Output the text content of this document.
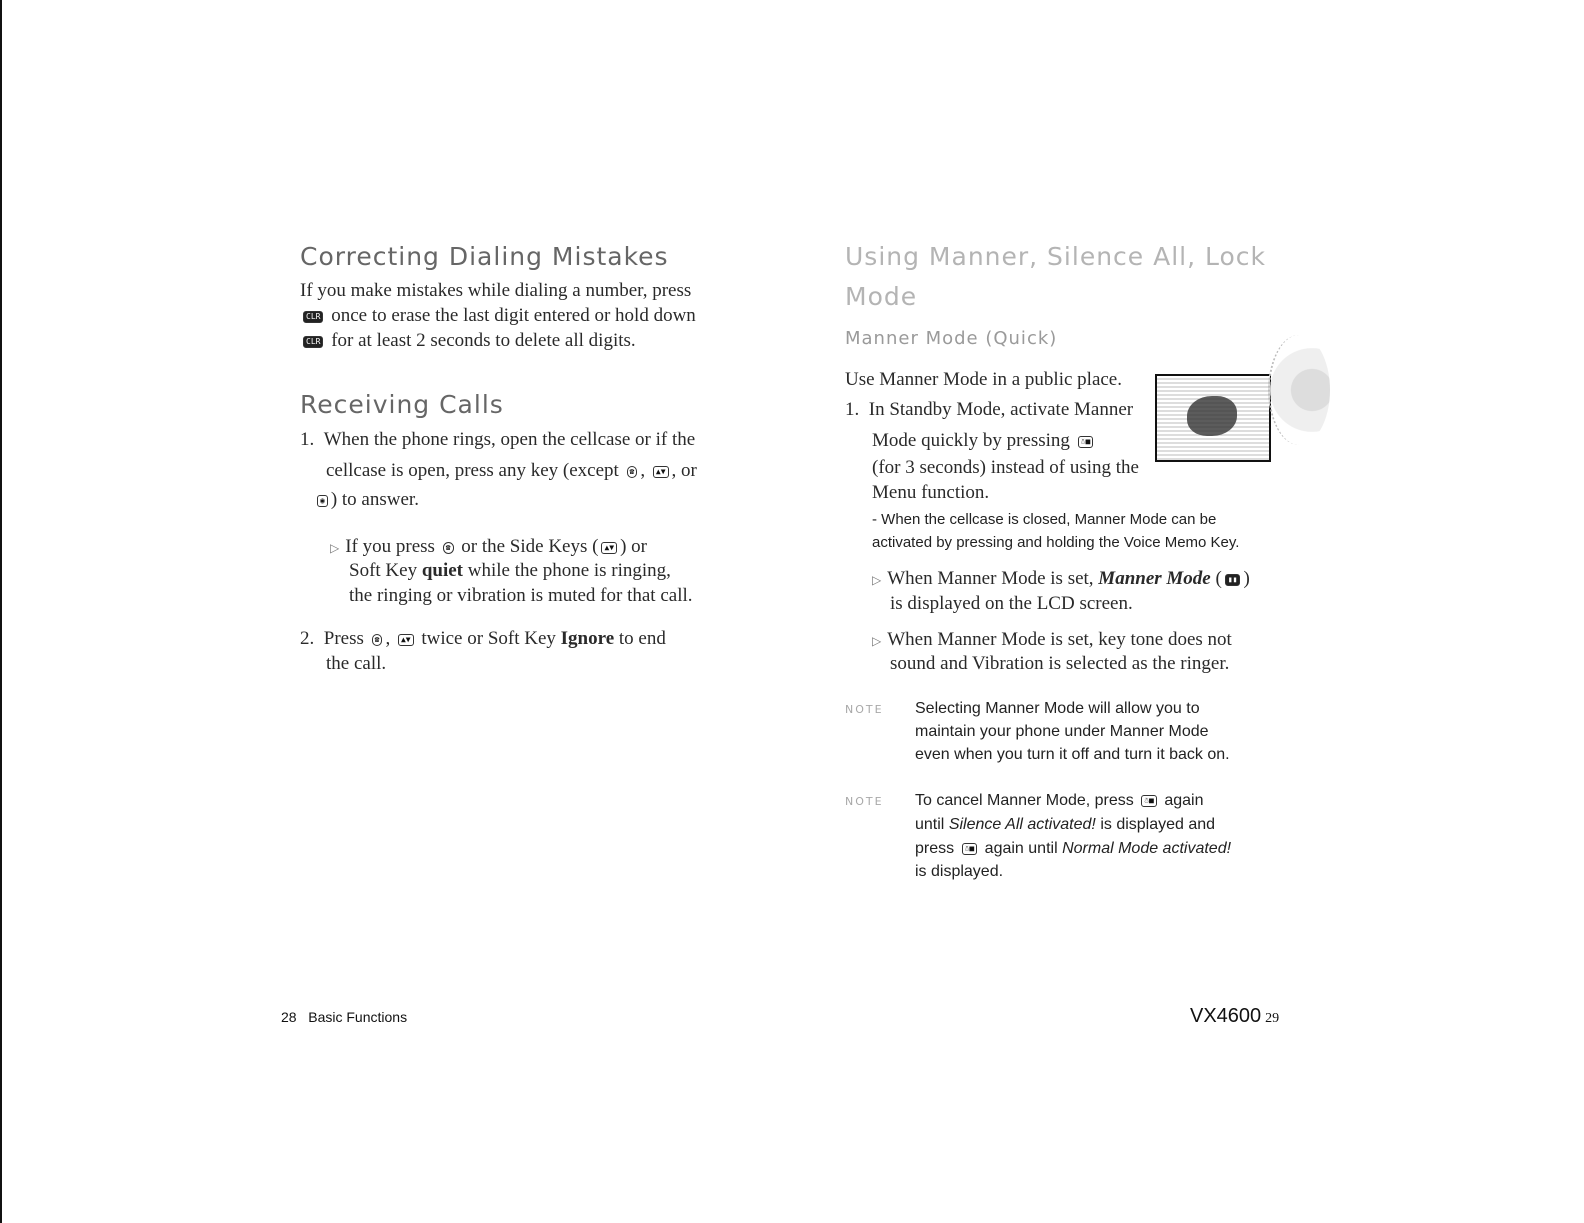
Correcting Dialing Mistakes
If you make mistakes while dialing a number, press
CLR once to erase the last digit entered or hold down
CLR for at least 2 seconds to delete all digits.
Receiving Calls
1. When the phone rings, open the cellcase or if the
cellcase is open, press any key (except ☎ , ▲▼ , or
◉ ) to answer.
▷ If you press ☎ or the Side Keys ( ▲▼ ) or
Soft Key quiet while the phone is ringing,
the ringing or vibration is muted for that call.
2. Press ☎ , ▲▼ twice or Soft Key Ignore to end
the call.
Using Manner, Silence All, Lock
Mode
Manner Mode (Quick)
Use Manner Mode in a public place.
1. In Standby Mode, activate Manner
Mode quickly by pressing ☃■
(for 3 seconds) instead of using the
Menu function.
- When the cellcase is closed, Manner Mode can be
activated by pressing and holding the Voice Memo Key.
▷ When Manner Mode is set, Manner Mode ( ▮▮ )
is displayed on the LCD screen.
▷ When Manner Mode is set, key tone does not
sound and Vibration is selected as the ringer.
NOTE Selecting Manner Mode will allow you to
maintain your phone under Manner Mode
even when you turn it off and turn it back on.
NOTE To cancel Manner Mode, press ☃■ again
until Silence All activated! is displayed and
press ☃■ again until Normal Mode activated!
is displayed.
28 Basic Functions	VX4600 29
